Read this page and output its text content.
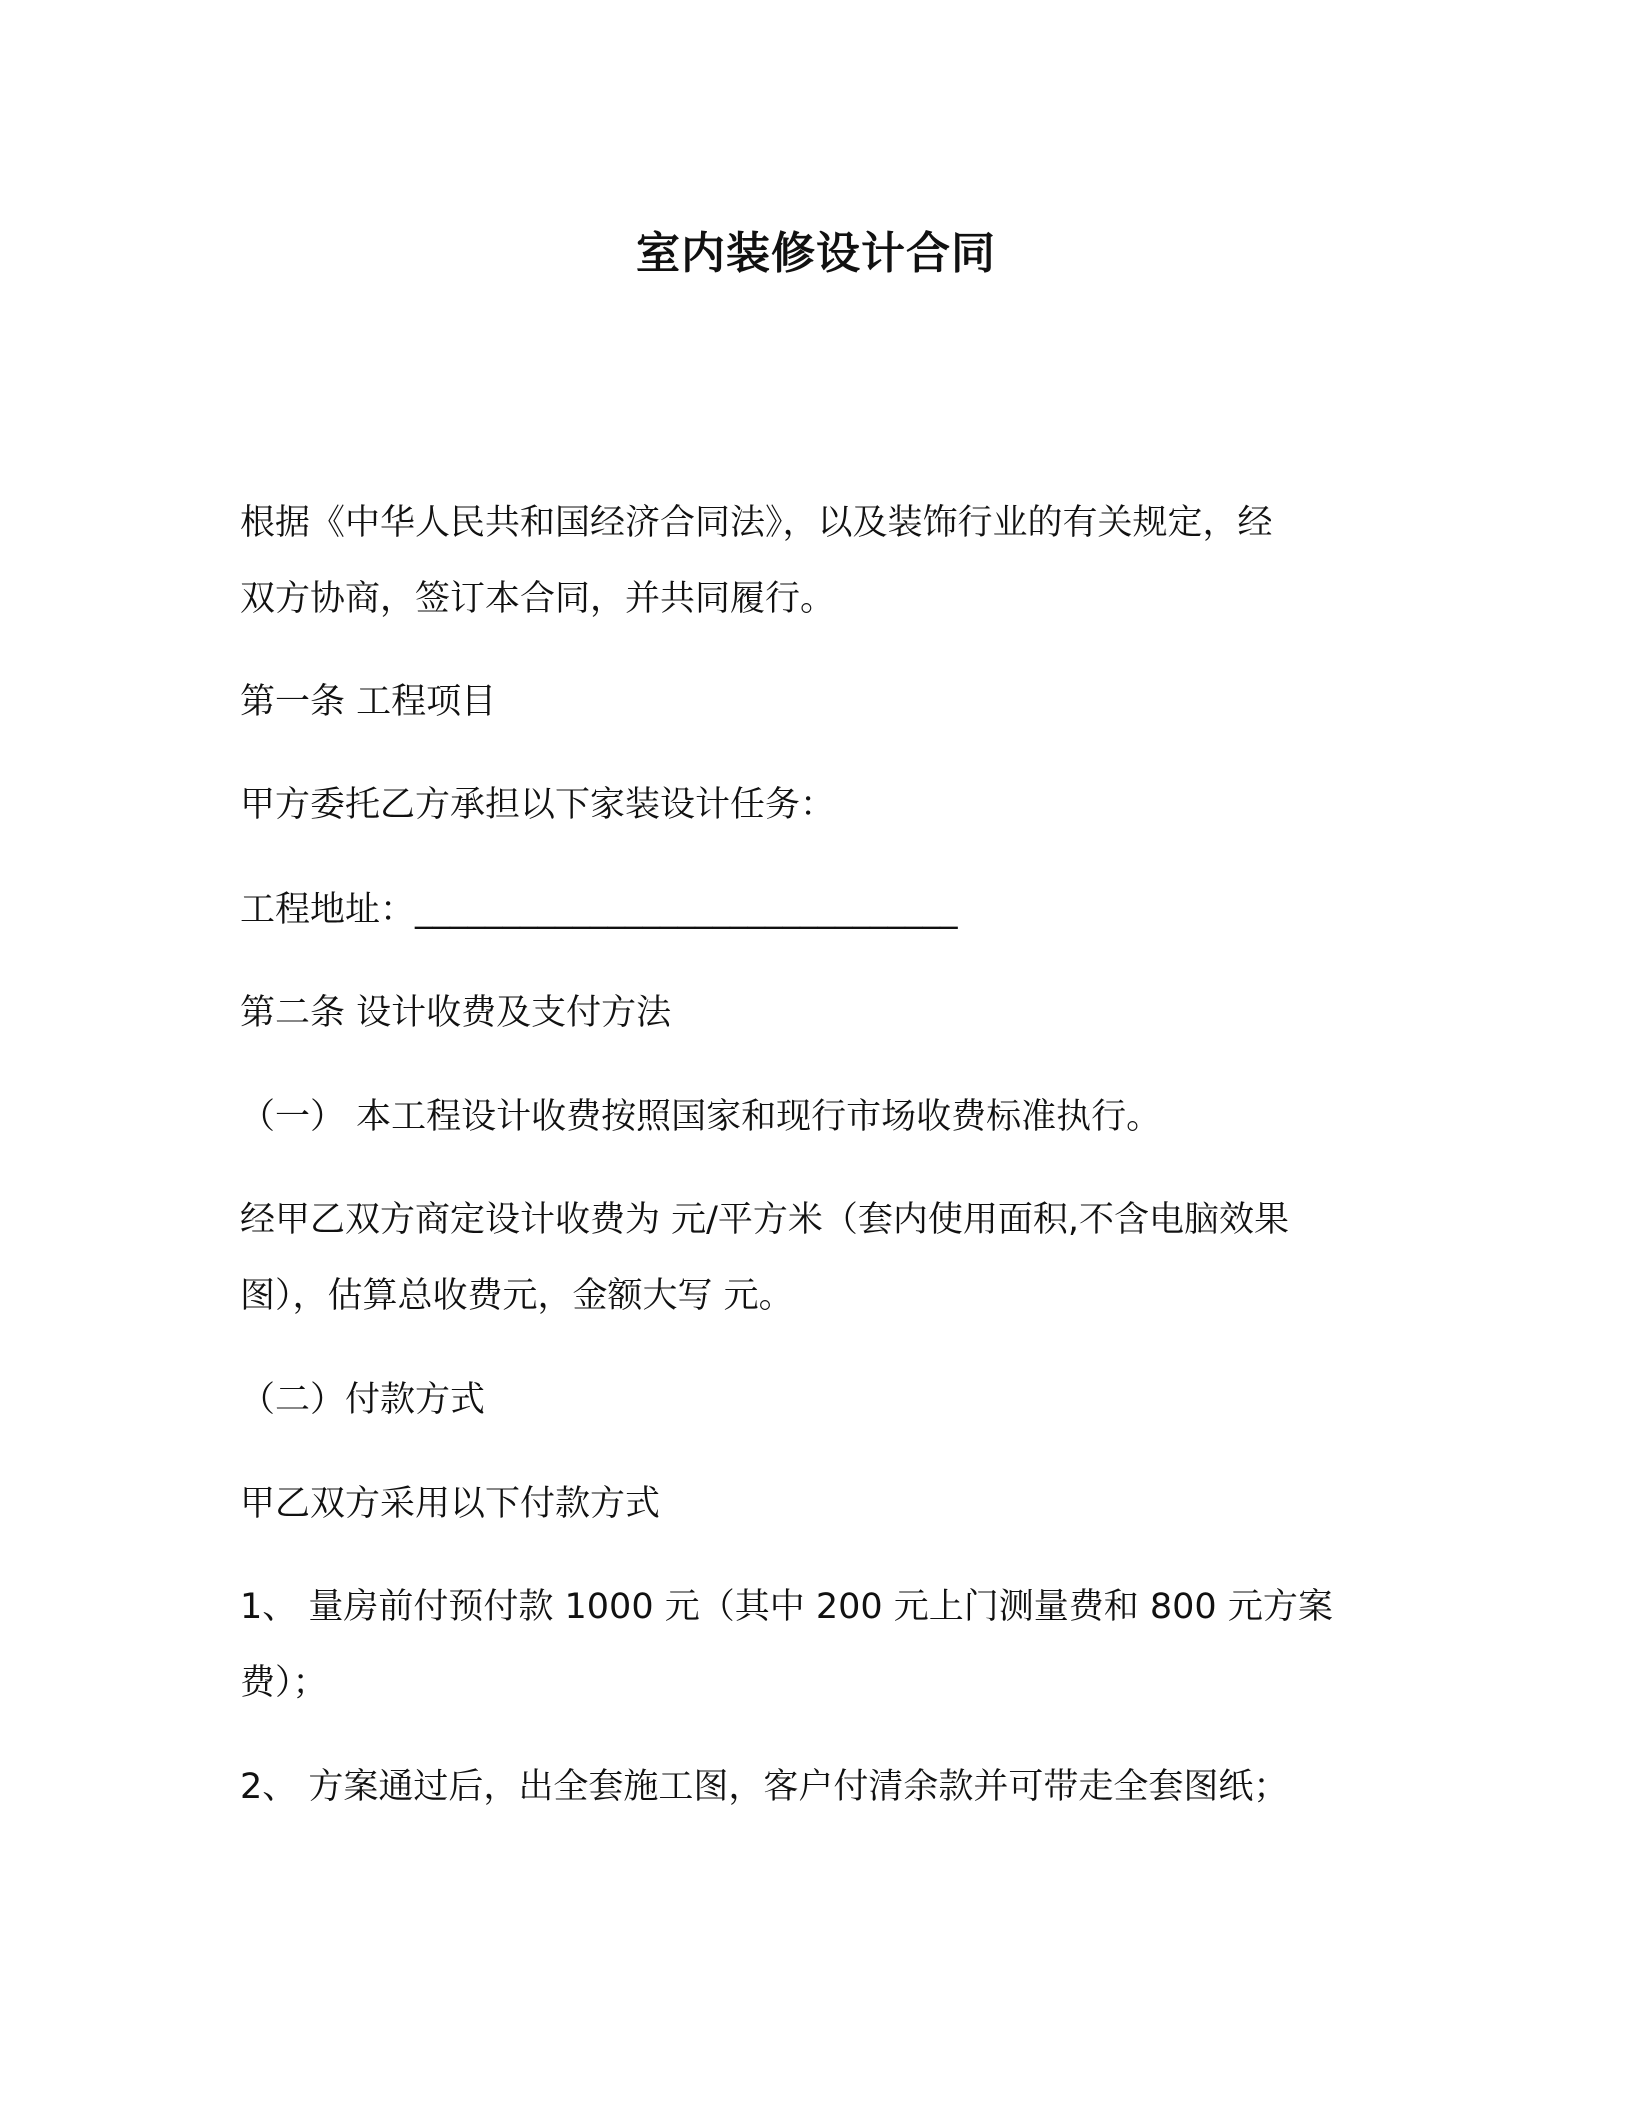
室内装修设计合同
根据《中华人民共和国经济合同法》，以及装饰行业的有关规定，经
双方协商，签订本合同，并共同履行。
第一条 工程项目
甲方委托乙方承担以下家装设计任务：
工程地址：_______________________________
第二条 设计收费及支付方法
（一） 本工程设计收费按照国家和现行市场收费标准执行。
经甲乙双方商定设计收费为 元/平方米（套内使用面积,不含电脑效果
图），估算总收费元，金额大写 元。
（二）付款方式
甲乙双方采用以下付款方式
1、 量房前付预付款 1000 元（其中 200 元上门测量费和 800 元方案
费）；
2、 方案通过后，出全套施工图，客户付清余款并可带走全套图纸；
